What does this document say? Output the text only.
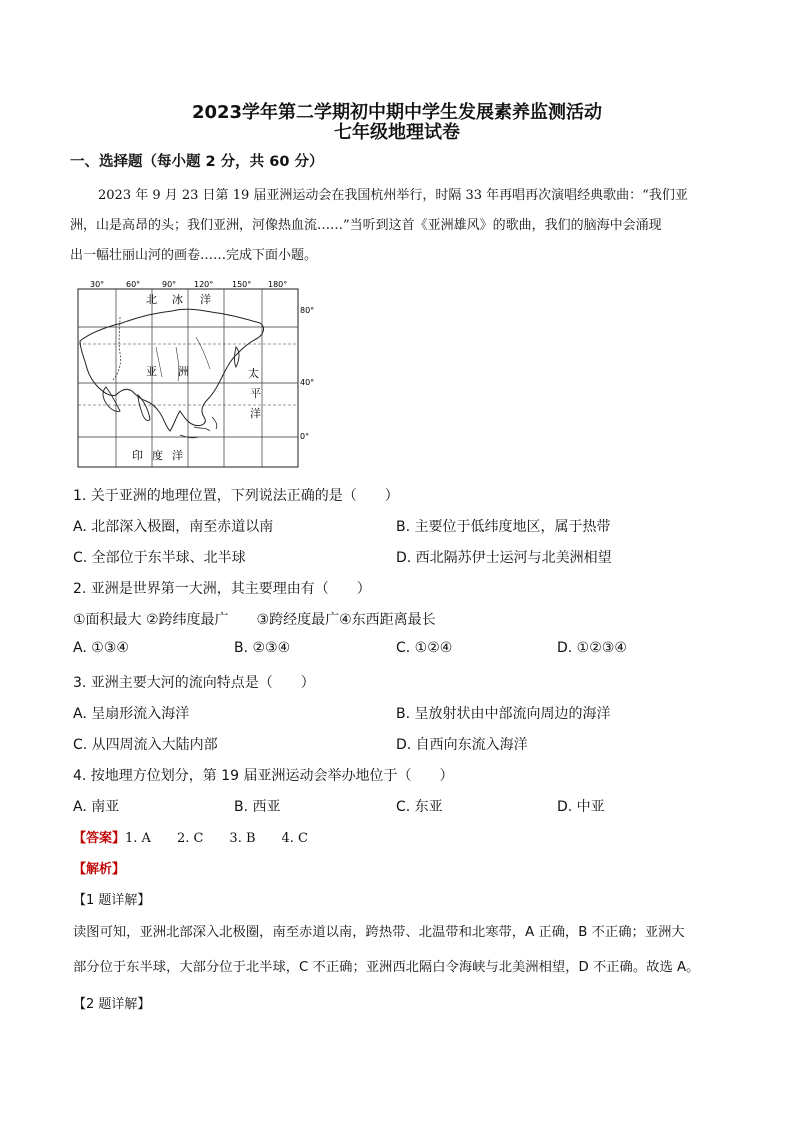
2023学年第二学期初中期中学生发展素养监测活动
七年级地理试卷
一、选择题（每小题 2 分，共 60 分）
2023 年 9 月 23 日第 19 届亚洲运动会在我国杭州举行，时隔 33 年再唱再次演唱经典歌曲：“我们亚
洲，山是高昂的头；我们亚洲，河像热血流……”当听到这首《亚洲雄风》的歌曲，我们的脑海中会涌现
出一幅壮丽山河的画卷……完成下面小题。
30°	60°	90° 120° 150° 180°
80°
40°
0°
北 冰 洋
亚 洲	太
平
洋
印 度 洋
1. 关于亚洲的地理位置，下列说法正确的是（　　）
A. 北部深入极圈，南至赤道以南	B. 主要位于低纬度地区，属于热带
C. 全部位于东半球、北半球	D. 西北隔苏伊士运河与北美洲相望
2. 亚洲是世界第一大洲，其主要理由有（　　）
①面积最大 ②跨纬度最广　　③跨经度最广④东西距离最长
A. ①③④	B. ②③④	C. ①②④	D. ①②③④
3. 亚洲主要大河的流向特点是（　　）
A. 呈扇形流入海洋	B. 呈放射状由中部流向周边的海洋
C. 从四周流入大陆内部	D. 自西向东流入海洋
4. 按地理方位划分，第 19 届亚洲运动会举办地位于（　　）
A. 南亚	B. 西亚	C. 东亚	D. 中亚
【答案】1. A　　2. C　　3. B　　4. C
【解析】
【1 题详解】
读图可知，亚洲北部深入北极圈，南至赤道以南，跨热带、北温带和北寒带，A 正确，B 不正确；亚洲大
部分位于东半球，大部分位于北半球，C 不正确；亚洲西北隔白令海峡与北美洲相望，D 不正确。故选 A。
【2 题详解】
